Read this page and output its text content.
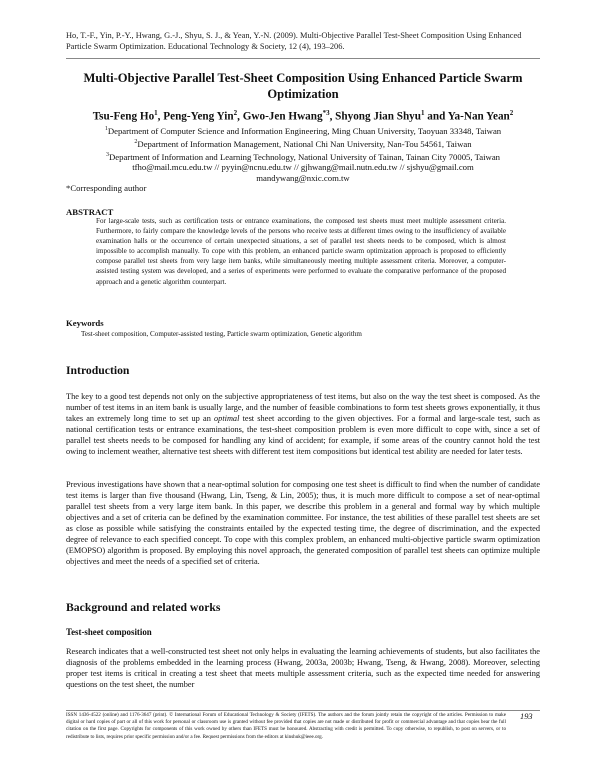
Ho, T.-F., Yin, P.-Y., Hwang, G.-J., Shyu, S. J., & Yean, Y.-N. (2009). Multi-Objective Parallel Test-Sheet Composition Using Enhanced Particle Swarm Optimization. Educational Technology & Society, 12 (4), 193–206.
Multi-Objective Parallel Test-Sheet Composition Using Enhanced Particle Swarm Optimization
Tsu-Feng Ho$^1$, Peng-Yeng Yin$^2$, Gwo-Jen Hwang$^{*3}$, Shyong Jian Shyu$^1$ and Ya-Nan Yean$^2$
$^1$Department of Computer Science and Information Engineering, Ming Chuan University, Taoyuan 33348, Taiwan
$^2$Department of Information Management, National Chi Nan University, Nan-Tou 54561, Taiwan
$^3$Department of Information and Learning Technology, National University of Tainan, Tainan City 70005, Taiwan
tfho@mail.mcu.edu.tw // pyyin@ncnu.edu.tw // gjhwang@mail.nutn.edu.tw // sjshyu@gmail.com
mandywang@nxic.com.tw
*Corresponding author
ABSTRACT
For large-scale tests, such as certification tests or entrance examinations, the composed test sheets must meet multiple assessment criteria. Furthermore, to fairly compare the knowledge levels of the persons who receive tests at different times owing to the insufficiency of available examination halls or the occurrence of certain unexpected situations, a set of parallel test sheets needs to be composed, which is almost impossible to accomplish manually. To cope with this problem, an enhanced particle swarm optimization approach is proposed to efficiently compose parallel test sheets from very large item banks, while simultaneously meeting multiple assessment criteria. Moreover, a computer-assisted testing system was developed, and a series of experiments were performed to evaluate the comparative performance of the proposed approach and a genetic algorithm counterpart.
Keywords
Test-sheet composition, Computer-assisted testing, Particle swarm optimization, Genetic algorithm
Introduction
The key to a good test depends not only on the subjective appropriateness of test items, but also on the way the test sheet is composed. As the number of test items in an item bank is usually large, and the number of feasible combinations to form test sheets grows exponentially, it thus takes an extremely long time to set up an optimal test sheet according to the given objectives. For a formal and large-scale test, such as national certification tests or entrance examinations, the test-sheet composition problem is even more difficult to cope with, since a set of parallel test sheets needs to be composed for handling any kind of accident; for example, if some areas of the country cannot hold the test owing to inclement weather, alternative test sheets with different test item compositions but identical test ability are needed for later tests.
Previous investigations have shown that a near-optimal solution for composing one test sheet is difficult to find when the number of candidate test items is larger than five thousand (Hwang, Lin, Tseng, & Lin, 2005); thus, it is much more difficult to compose a set of near-optimal parallel test sheets from a very large item bank. In this paper, we describe this problem in a general and formal way by which multiple objectives and a set of criteria can be defined by the examination committee. For instance, the test abilities of these parallel test sheets are set as close as possible while satisfying the constraints entailed by the expected testing time, the degree of discrimination, and the expected degree of relevance to each specified concept. To cope with this complex problem, an enhanced multi-objective particle swarm optimization (EMOPSO) algorithm is proposed. By employing this novel approach, the generated composition of parallel test sheets can optimize multiple objectives and meet the needs of a specified set of criteria.
Background and related works
Test-sheet composition
Research indicates that a well-constructed test sheet not only helps in evaluating the learning achievements of students, but also facilitates the diagnosis of the problems embedded in the learning process (Hwang, 2003a, 2003b; Hwang, Tseng, & Hwang, 2008). Moreover, selecting proper test items is critical in creating a test sheet that meets multiple assessment criteria, such as the expected time needed for answering questions on the test sheet, the number
ISSN 1436-4522 (online) and 1176-3647 (print). © International Forum of Educational Technology & Society (IFETS). The authors and the forum jointly retain the copyright of the articles. Permission to make digital or hard copies of part or all of this work for personal or classroom use is granted without fee provided that copies are not made or distributed for profit or commercial advantage and that copies bear the full citation on the first page. Copyrights for components of this work owned by others than IFETS must be honoured. Abstracting with credit is permitted. To copy otherwise, to republish, to post on servers, or to redistribute to lists, requires prior specific permission and/or a fee. Request permissions from the editors at kinshuk@ieee.org.
193
